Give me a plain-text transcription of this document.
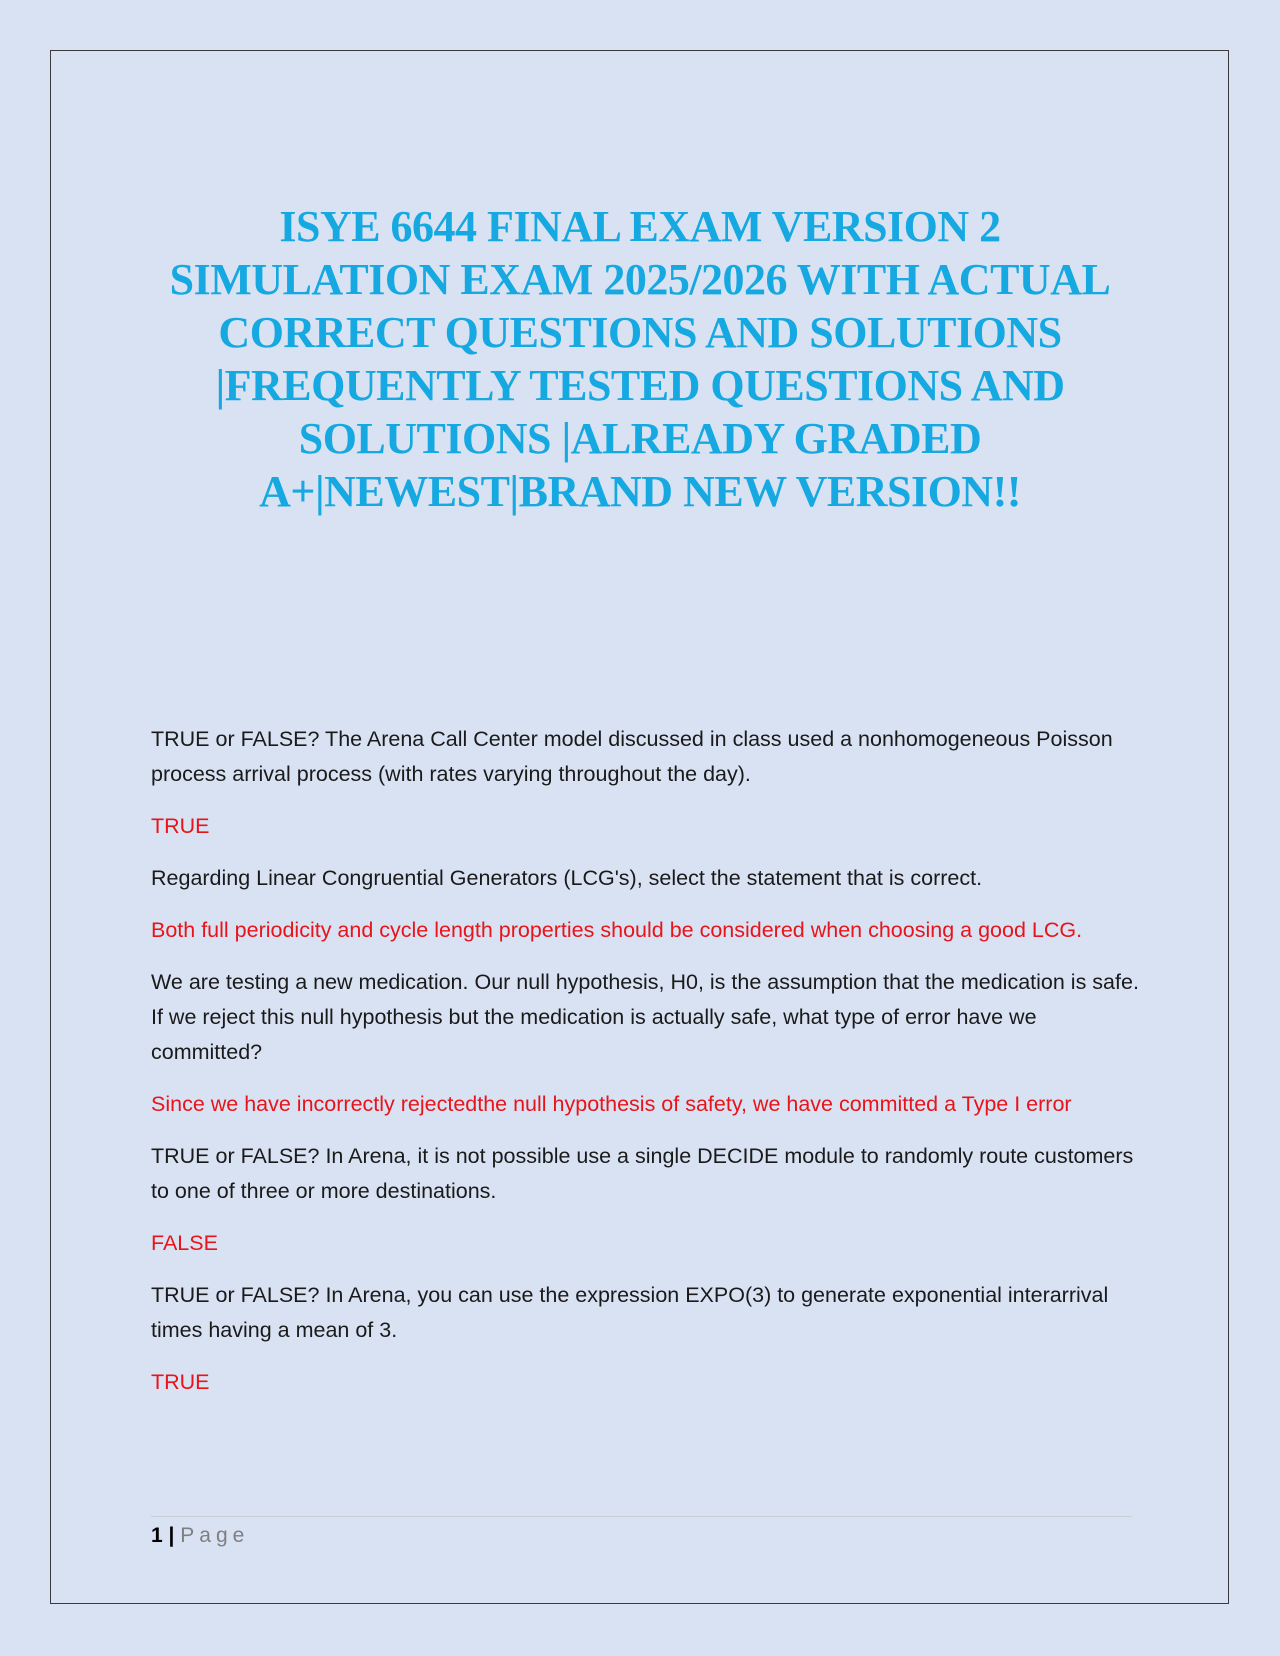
ISYE 6644 FINAL EXAM VERSION 2
SIMULATION EXAM 2025/2026 WITH ACTUAL
CORRECT QUESTIONS AND SOLUTIONS
|FREQUENTLY TESTED QUESTIONS AND
SOLUTIONS |ALREADY GRADED
A+|NEWEST|BRAND NEW VERSION!!

TRUE or FALSE? The Arena Call Center model discussed in class used a nonhomogeneous Poisson process arrival process (with rates varying throughout the day).

TRUE

Regarding Linear Congruential Generators (LCG's), select the statement that is correct.

Both full periodicity and cycle length properties should be considered when choosing a good LCG.

We are testing a new medication. Our null hypothesis, H0, is the assumption that the medication is safe. If we reject this null hypothesis but the medication is actually safe, what type of error have we committed?

Since we have incorrectly rejectedthe null hypothesis of safety, we have committed a Type I error

TRUE or FALSE? In Arena, it is not possible use a single DECIDE module to randomly route customers to one of three or more destinations.

FALSE

TRUE or FALSE? In Arena, you can use the expression EXPO(3) to generate exponential interarrival times having a mean of 3.

TRUE

1 | Page
